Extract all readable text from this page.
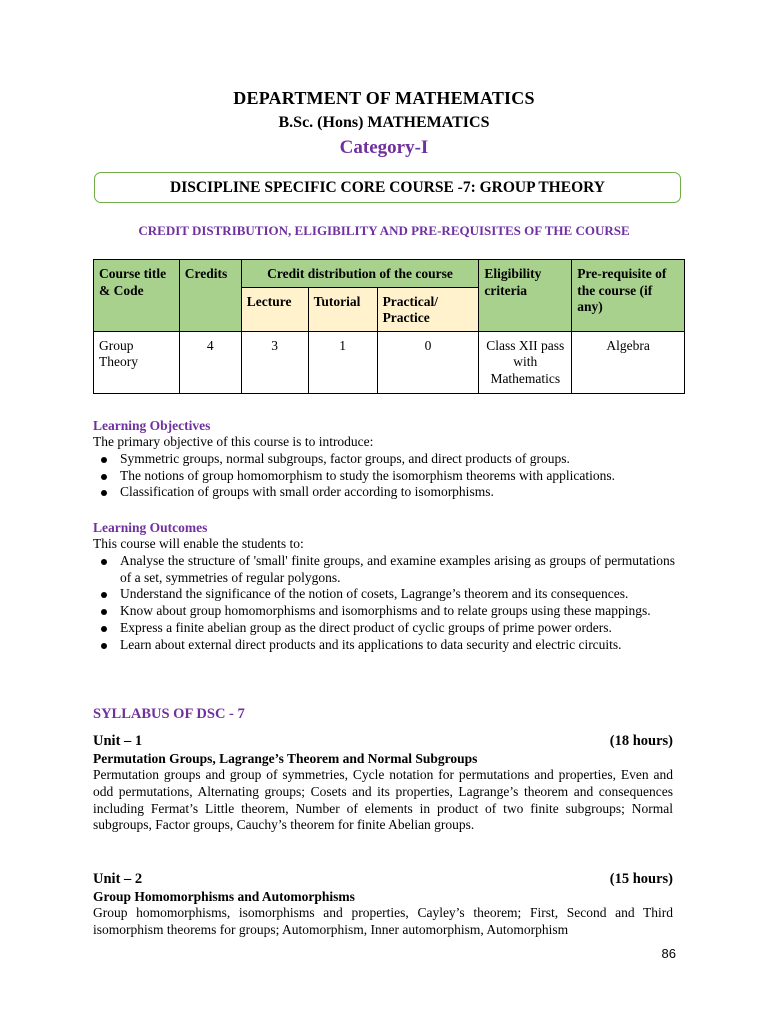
DEPARTMENT OF MATHEMATICS
B.Sc. (Hons) MATHEMATICS
Category-I
DISCIPLINE SPECIFIC CORE COURSE -7: GROUP THEORY
CREDIT DISTRIBUTION, ELIGIBILITY AND PRE-REQUISITES OF THE COURSE
Course title & Code	Credits	Credit distribution of the course			Eligibility criteria	Pre-requisite of the course (if any)
		Lecture	Tutorial	Practical/ Practice		
Group Theory	4	3	1	0	Class XII pass with Mathematics	Algebra
Learning Objectives
The primary objective of this course is to introduce:
Symmetric groups, normal subgroups, factor groups, and direct products of groups.
The notions of group homomorphism to study the isomorphism theorems with applications.
Classification of groups with small order according to isomorphisms.
Learning Outcomes
This course will enable the students to:
Analyse the structure of 'small' finite groups, and examine examples arising as groups of permutations of a set, symmetries of regular polygons.
Understand the significance of the notion of cosets, Lagrange’s theorem and its consequences.
Know about group homomorphisms and isomorphisms and to relate groups using these mappings.
Express a finite abelian group as the direct product of cyclic groups of prime power orders.
Learn about external direct products and its applications to data security and electric circuits.
SYLLABUS OF DSC - 7
Unit – 1	(18 hours)
Permutation Groups, Lagrange’s Theorem and Normal Subgroups
Permutation groups and group of symmetries, Cycle notation for permutations and properties, Even and odd permutations, Alternating groups; Cosets and its properties, Lagrange’s theorem and consequences including Fermat’s Little theorem, Number of elements in product of two finite subgroups; Normal subgroups, Factor groups, Cauchy’s theorem for finite Abelian groups.
Unit – 2	(15 hours)
Group Homomorphisms and Automorphisms
Group homomorphisms, isomorphisms and properties, Cayley’s theorem; First, Second and Third isomorphism theorems for groups; Automorphism, Inner automorphism, Automorphism
86
